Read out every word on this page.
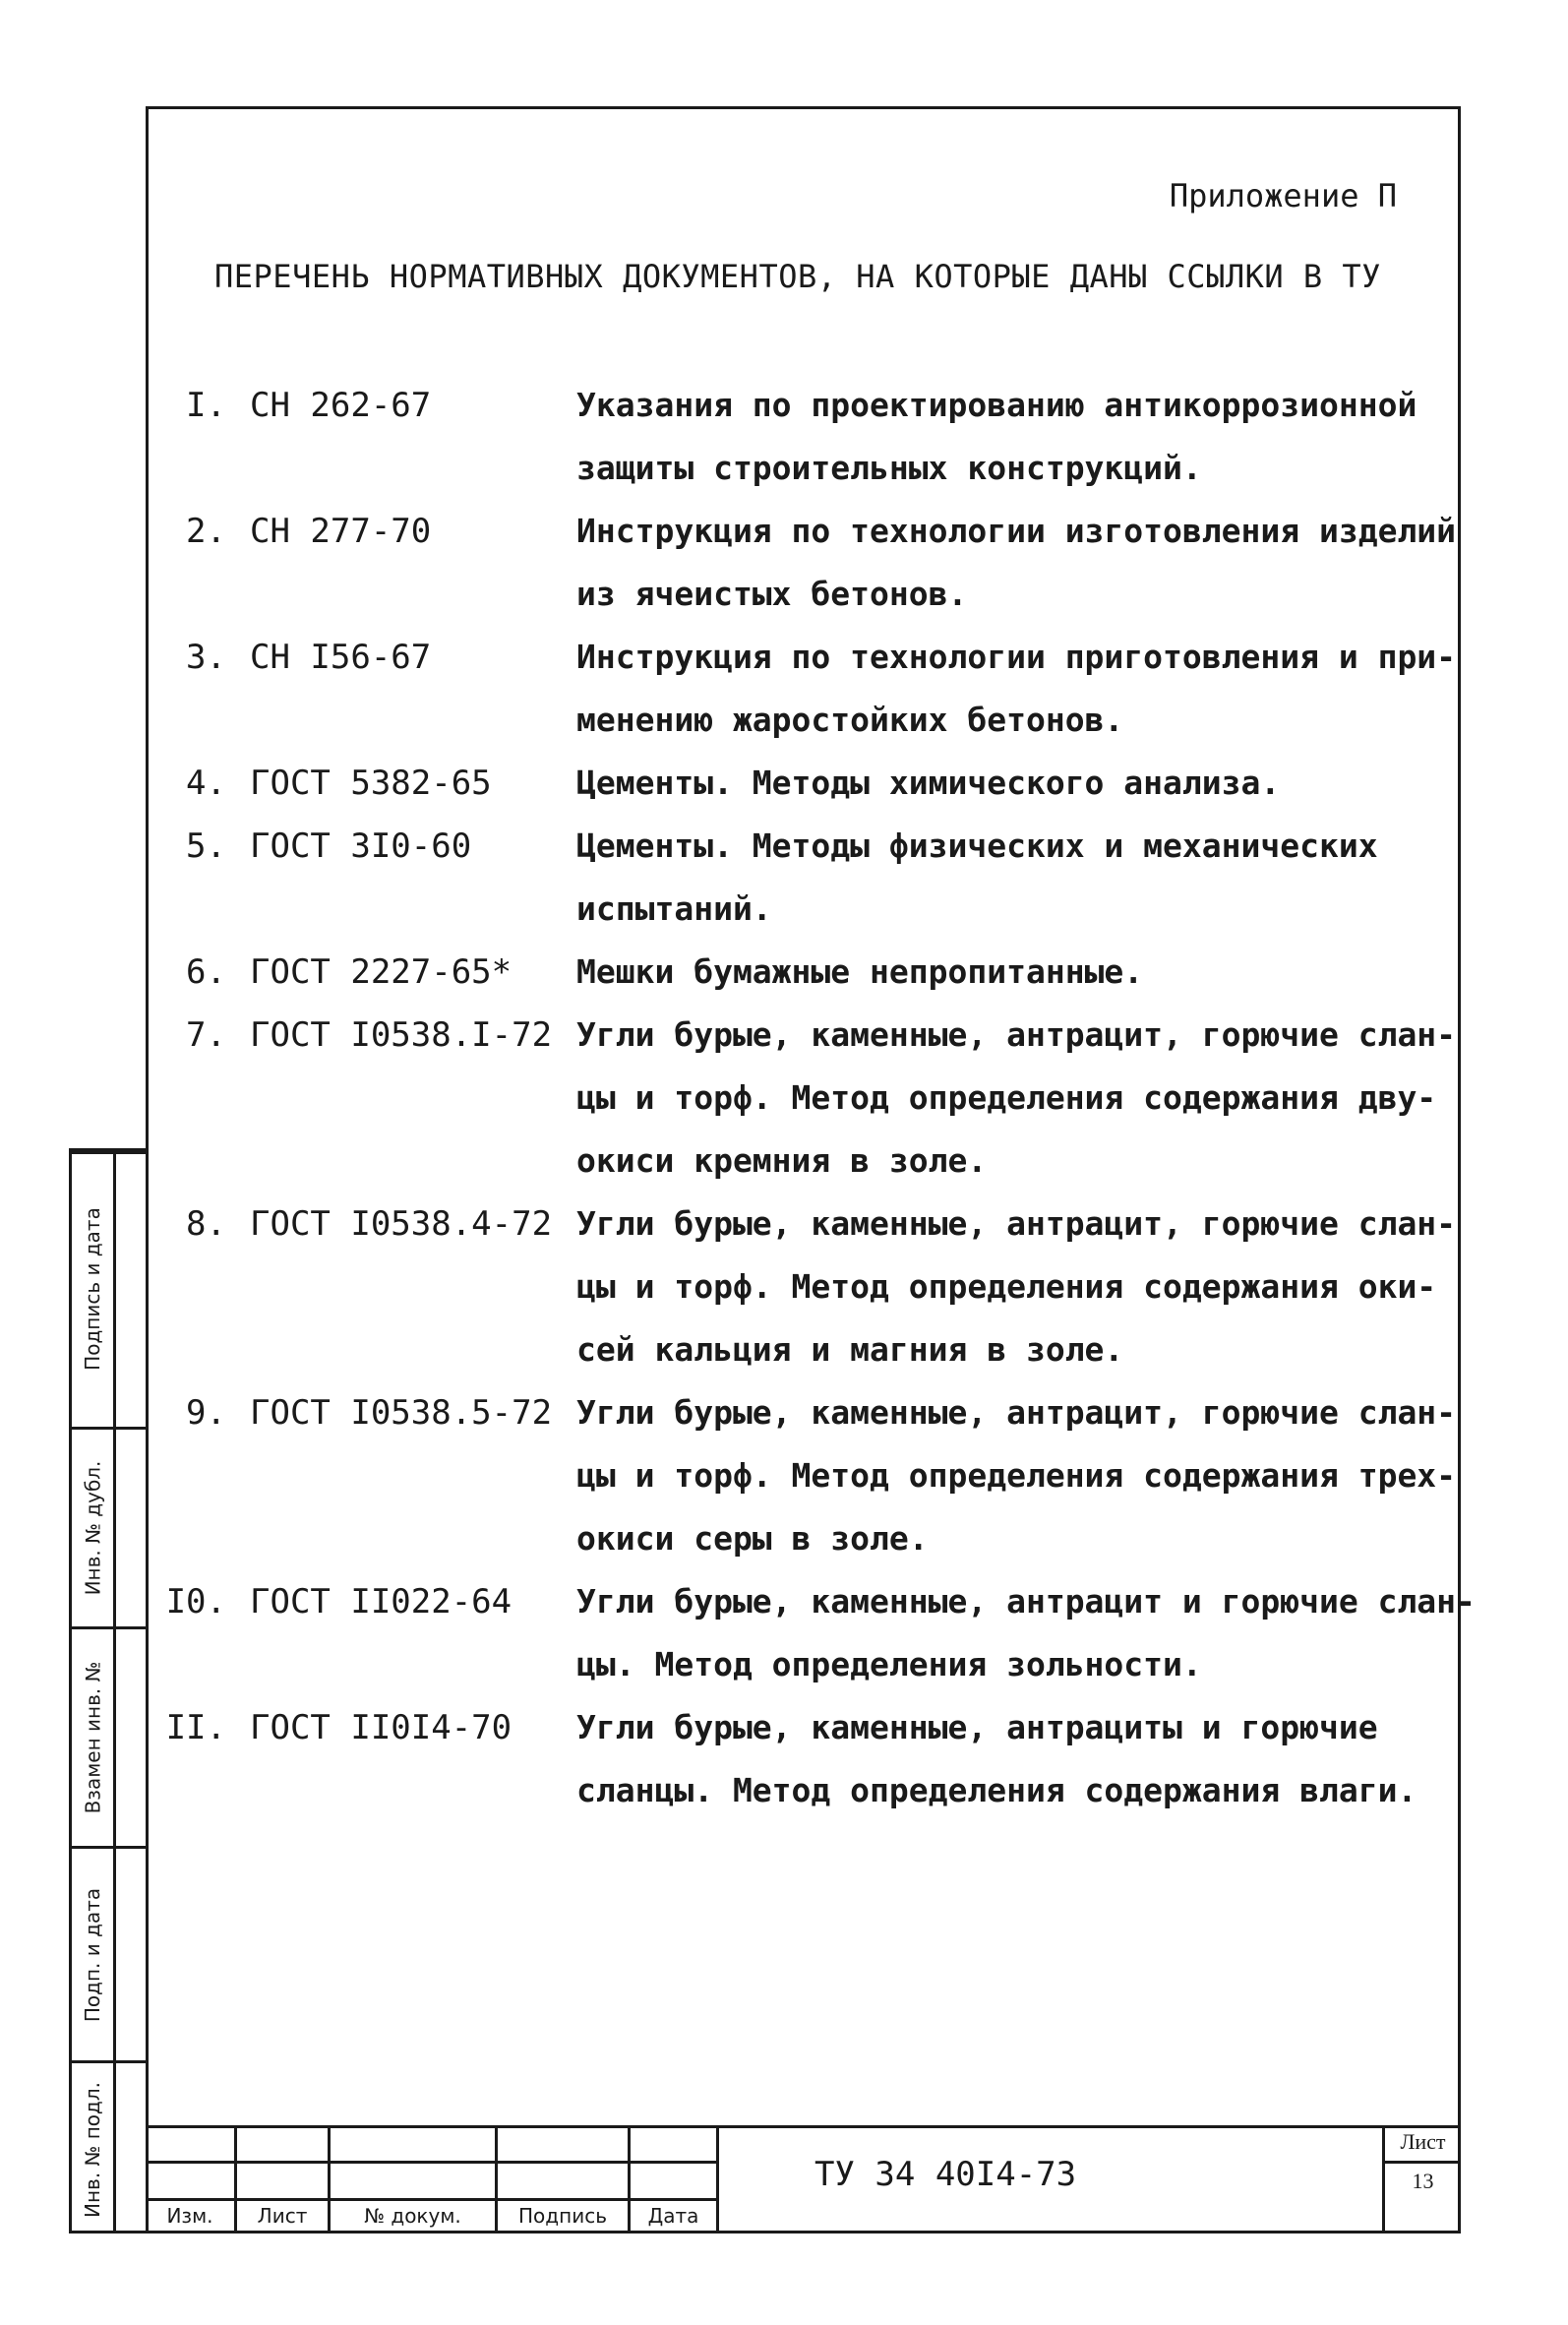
Приложение П
ПЕРЕЧЕНЬ НОРМАТИВНЫХ ДОКУМЕНТОВ, НА КОТОРЫЕ ДАНЫ ССЫЛКИ В ТУ
I. СН 262-67	Указания по проектированию антикоррозионной
защиты строительных конструкций.
2. СН 277-70	Инструкция по технологии изготовления изделий
из ячеистых бетонов.
3. СН I56-67	Инструкция по технологии приготовления и при-
менению жаростойких бетонов.
4. ГОСТ 5382-65	Цементы. Методы химического анализа.
5. ГОСТ 3I0-60	Цементы. Методы физических и механических
испытаний.
6. ГОСТ 2227-65* Мешки бумажные непропитанные.
7. ГОСТ I0538.I-72 Угли бурые, каменные, антрацит, горючие слан-
цы и торф. Метод определения содержания дву-
окиси кремния в золе.
8. ГОСТ I0538.4-72 Угли бурые, каменные, антрацит, горючие слан-
цы и торф. Метод определения содержания оки-
сей кальция и магния в золе.
9. ГОСТ I0538.5-72 Угли бурые, каменные, антрацит, горючие слан-
цы и торф. Метод определения содержания трех-
окиси серы в золе.
I0. ГОСТ II022-64 Угли бурые, каменные, антрацит и горючие слан-
цы. Метод определения зольности.
II. ГОСТ II0I4-70 Угли бурые, каменные, антрациты и горючие
сланцы. Метод определения содержания влаги.
Подпись и дата
Инв. № дубл.
Взамен инв. №
Подп. и дата
Инв. № подл.	Изм.	Лист	№ докум.	Подпись	Дата
ТУ 34 40I4-73
Лист
13
